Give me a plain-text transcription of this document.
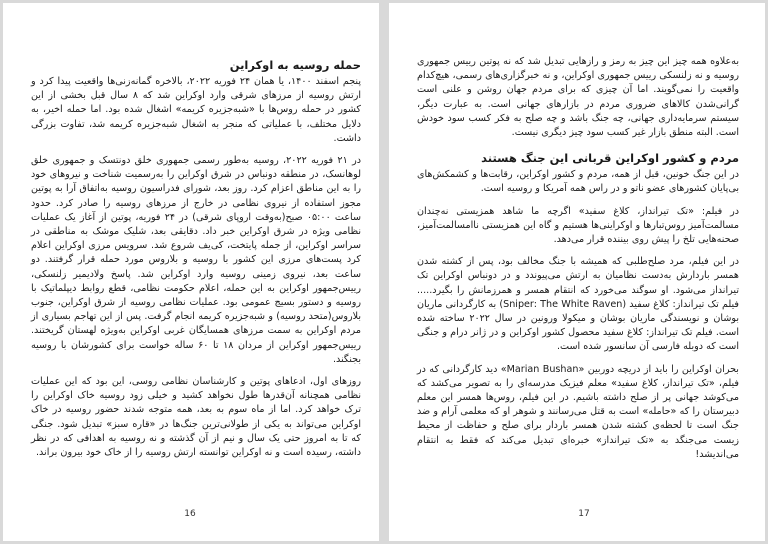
حمله روسیه به اوکراین

پنجم اسفند ۱۴۰۰، یا همان ۲۴ فوریه ۲۰۲۲، بالاخره گمانه‌زنی‌ها واقعیت پیدا کرد و ارتش روسیه از مرزهای شرقی وارد اوکراین شد که ۸ سال قبل بخشی از این کشور در حمله روس‌ها با «شبه‌جزیره کریمه» اشغال شده بود. اما حمله اخیر، به دلایل مختلف، با عملیاتی که منجر به اشغال شبه‌جزیره کریمه شد، تفاوت بزرگی داشت.

در ۲۱ فوریه ۲۰۲۲، روسیه به‌طور رسمی جمهوری خلق دونتسک و جمهوری خلق لوهانسک، در منطقه دونباس در شرق اوکراین را به‌رسمیت شناخت و نیروهای خود را به این مناطق اعزام کرد. روز بعد، شورای فدراسیون روسیه به‌اتفاق آرا به پوتین مجوز استفاده از نیروی نظامی در خارج از مرزهای روسیه را صادر کرد. حدود ساعت ۰۵:۰۰ صبح(به‌وقت اروپای شرقی) در ۲۴ فوریه، پوتین از آغاز یک عملیات نظامی ویژه در شرق اوکراین خبر داد. دقایقی بعد، شلیک موشک به مناطقی در سراسر اوکراین، از جمله پایتخت، کی‌یف شروع شد. سرویس مرزی اوکراین اعلام کرد پست‌های مرزی این کشور با روسیه و بلاروس مورد حمله قرار گرفتند. دو ساعت بعد، نیروی زمینی روسیه وارد اوکراین شد. پاسخ ولادیمیر زلنسکی، رییس‌جمهور اوکراین به این حمله، اعلام حکومت نظامی، قطع روابط دیپلماتیک با روسیه و دستور بسیج عمومی بود. عملیات نظامی روسیه از شرق اوکراین، جنوب بلاروس(متحد روسیه) و شبه‌جزیره کریمه انجام گرفت. پس از این تهاجم بسیاری از مردم اوکراین به سمت مرزهای همسایگان غربی اوکراین به‌ویژه لهستان گریختند. رییس‌جمهور اوکراین از مردان ۱۸ تا ۶۰ ساله خواست برای کشورشان با روسیه بجنگند.

روزهای اول، ادعاهای پوتین و کارشناسان نظامی روسی، این بود که این عملیات نظامی همچنانه آن‌قدرها طول نخواهد کشید و خیلی زود روسیه خاک اوکراین را ترک خواهد کرد. اما از ماه سوم به بعد، همه متوجه شدند حضور روسیه در خاک اوکراین می‌تواند به یکی از طولانی‌ترین جنگ‌ها در «قاره سبز» تبدیل شود. جنگی که تا به امروز حتی یک سال و نیم از آن گذشته و نه روسیه به اهدافی که در نظر داشته، رسیده است و نه اوکراین توانسته ارتش روسیه را از خاک خود بیرون براند.

16

به‌علاوه همه چیز این چیز به رمز و رازهایی تبدیل شد که نه پوتین رییس جمهوری روسیه و نه زلنسکی رییس جمهوری اوکراین، و نه خبرگزاری‌های رسمی، هیچ‌کدام واقعیت را نمی‌گویند. اما آن چیزی که برای مردم جهان روشن و علنی است گرانی‌شدن کالاهای ضروری مردم در بازارهای جهانی است. به عبارت دیگر، سیستم سرمایه‌داری جهانی، چه جنگ باشد و چه صلح به فکر کسب سود خودش است. البته منطق بازار غیر کسب سود چیز دیگری نیست.

مردم و کشور اوکراین قربانی این جنگ هستند

در این جنگ خونین، قبل از همه، مردم و کشور اوکراین، رقابت‌ها و کشمکش‌های بی‌پایان کشورهای عضو ناتو و در راس همه آمریکا و روسیه است.

در فیلم: «تک تیرانداز، کلاغ سفید» اگرچه ما شاهد همزیستی نه‌چندان مسالمت‌آمیز روس‌تبارها و اوکراینی‌ها هستیم و گاه این همزیستی ناامسالمت‌آمیز، صحنه‌هایی تلخ را پیش روی بیننده قرار می‌دهد.

در این فیلم، مرد صلح‌طلبی که همیشه با جنگ مخالف بود، پس از کشته شدن همسر باردارش به‌دست نظامیان به ارتش می‌پیوندد و در دونباس اوکراین تک تیرانداز می‌شود. او سوگند می‌خورد که انتقام همسر و همرزمانش را بگیرد..... فیلم تک تیرانداز: کلاغ سفید (Sniper: The White Raven) به کارگردانی ماریان بوشان و نویسندگی ماریان بوشان و میکولا ورونین در سال ۲۰۲۲ ساخته شده است. فیلم تک تیرانداز: کلاغ سفید محصول کشور اوکراین و در ژانر درام و جنگی است که دوبله فارسی آن سانسور شده است.

بحران اوکراین را باید از دریچه دوربین «Marian Bushan» دید کارگردانی که در فیلم، «تک تیرانداز، کلاغ سفید» معلم فیزیک مدرسه‌ای را به تصویر می‌کشد که می‌کوشد جهانی پر از صلح داشته باشیم. در این فیلم، روس‌ها همسر این معلم دبیرستان را که «حامله» است به قتل می‌رسانند و شوهر او که معلمی آرام و ضد جنگ است تا لحظه‌ی کشته شدن همسر باردار برای صلح و حفاظت از محیط زیست می‌جنگد به «تک تیرانداز» خبره‌ای تبدیل می‌کند که فقط به انتقام می‌اندیشد!

17
